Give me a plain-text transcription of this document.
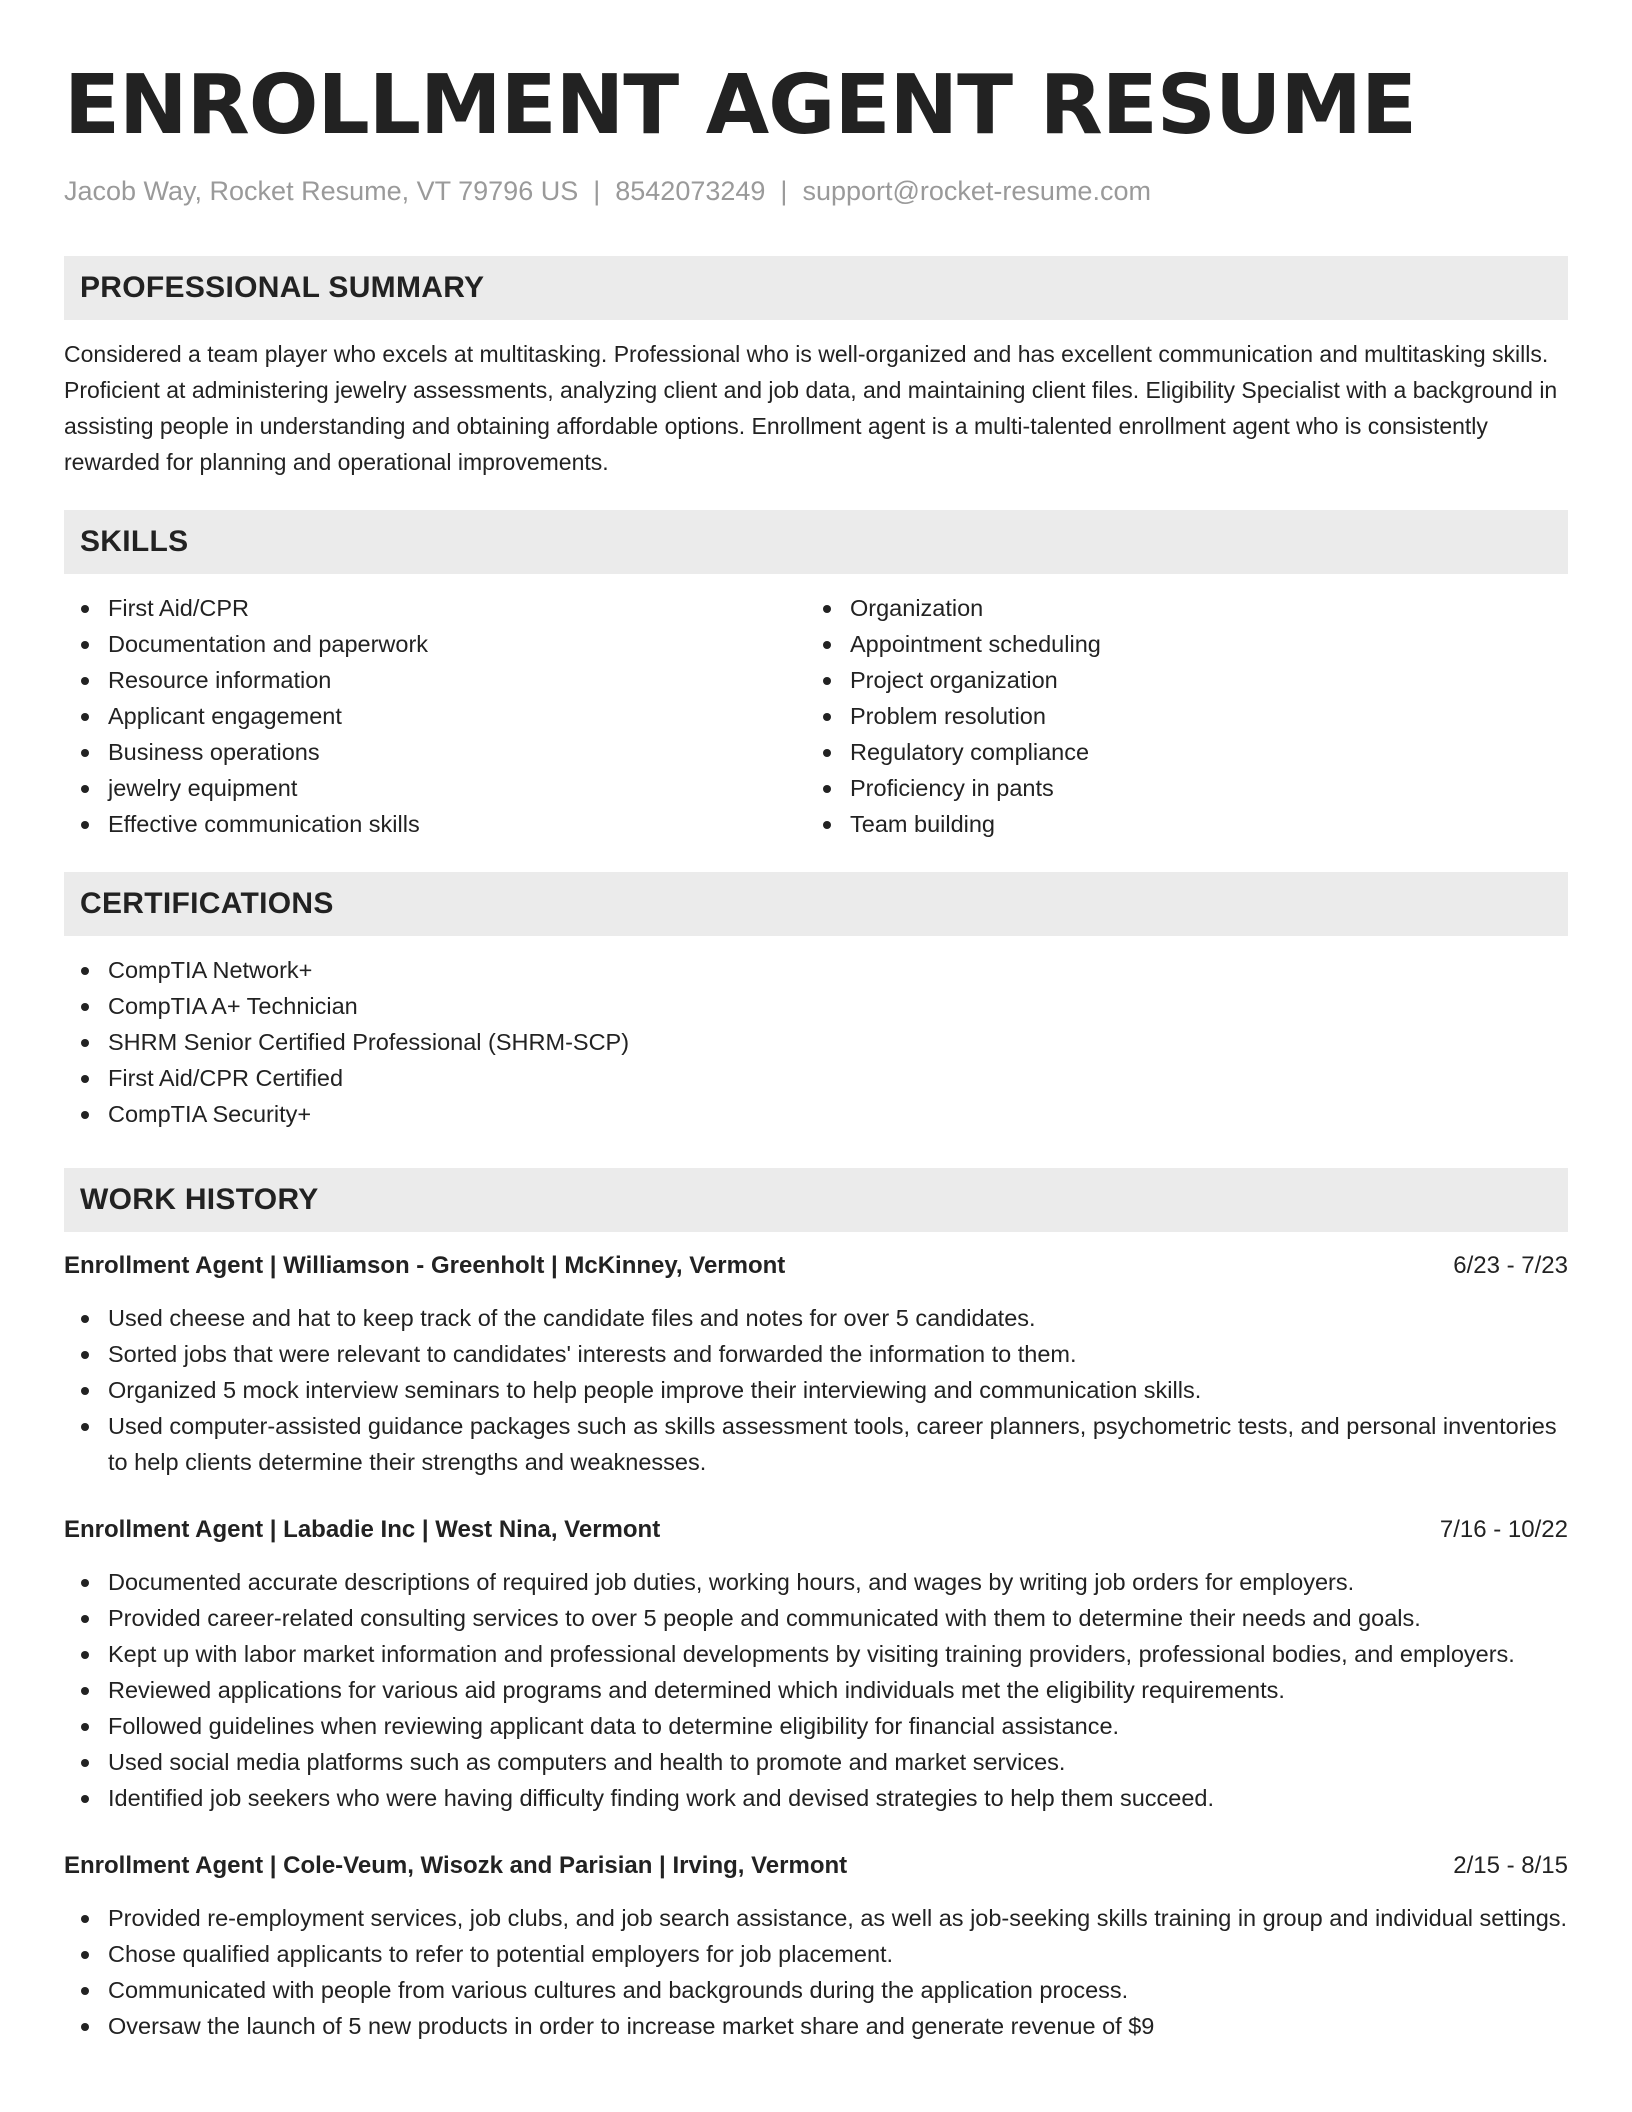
ENROLLMENT AGENT RESUME
Jacob Way, Rocket Resume, VT 79796 US | 8542073249 | support@rocket-resume.com
PROFESSIONAL SUMMARY

Considered a team player who excels at multitasking. Professional who is well-organized and has excellent communication and multitasking skills. Proficient at administering jewelry assessments, analyzing client and job data, and maintaining client files. Eligibility Specialist with a background in assisting people in understanding and obtaining affordable options. Enrollment agent is a multi-talented enrollment agent who is consistently rewarded for planning and operational improvements.

SKILLS
First Aid/CPR
Documentation and paperwork
Resource information
Applicant engagement
Business operations
jewelry equipment
Effective communication skills
Organization
Appointment scheduling
Project organization
Problem resolution
Regulatory compliance
Proficiency in pants
Team building
CERTIFICATIONS
CompTIA Network+
CompTIA A+ Technician
SHRM Senior Certified Professional (SHRM-SCP)
First Aid/CPR Certified
CompTIA Security+
WORK HISTORY
Enrollment Agent | Williamson - Greenholt | McKinney, Vermont	6/23 - 7/23
Used cheese and hat to keep track of the candidate files and notes for over 5 candidates.
Sorted jobs that were relevant to candidates' interests and forwarded the information to them.
Organized 5 mock interview seminars to help people improve their interviewing and communication skills.
Used computer-assisted guidance packages such as skills assessment tools, career planners, psychometric tests, and personal inventories to help clients determine their strengths and weaknesses.
Enrollment Agent | Labadie Inc | West Nina, Vermont	7/16 - 10/22
Documented accurate descriptions of required job duties, working hours, and wages by writing job orders for employers.
Provided career-related consulting services to over 5 people and communicated with them to determine their needs and goals.
Kept up with labor market information and professional developments by visiting training providers, professional bodies, and employers.
Reviewed applications for various aid programs and determined which individuals met the eligibility requirements.
Followed guidelines when reviewing applicant data to determine eligibility for financial assistance.
Used social media platforms such as computers and health to promote and market services.
Identified job seekers who were having difficulty finding work and devised strategies to help them succeed.
Enrollment Agent | Cole-Veum, Wisozk and Parisian | Irving, Vermont	2/15 - 8/15
Provided re-employment services, job clubs, and job search assistance, as well as job-seeking skills training in group and individual settings.
Chose qualified applicants to refer to potential employers for job placement.
Communicated with people from various cultures and backgrounds during the application process.
Oversaw the launch of 5 new products in order to increase market share and generate revenue of $9
